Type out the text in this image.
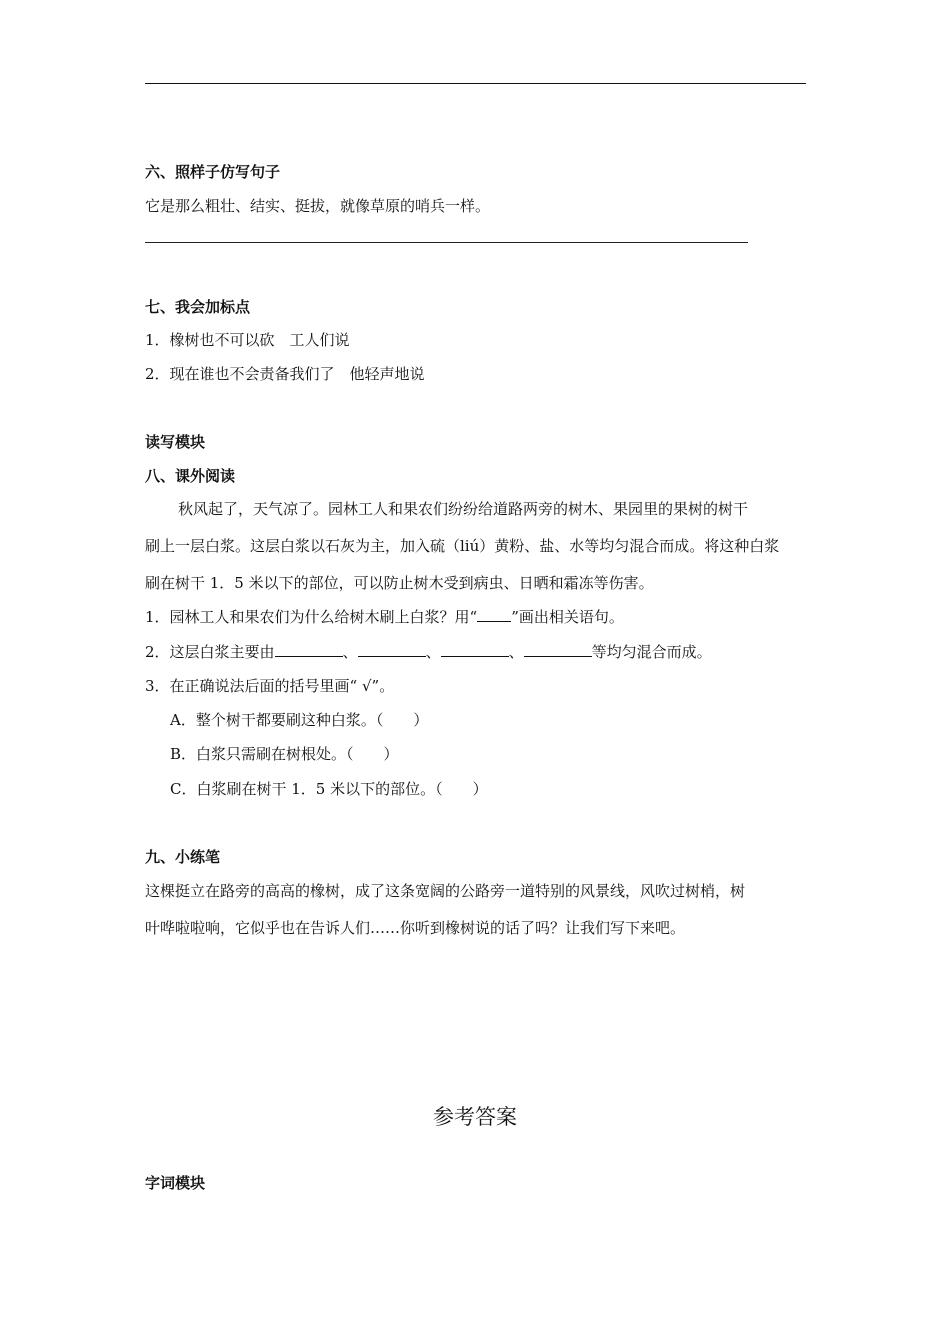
六、照样子仿写句子
它是那么粗壮、结实、挺拔，就像草原的哨兵一样。
七、我会加标点
1．橡树也不可以砍　工人们说
2．现在谁也不会责备我们了　他轻声地说
读写模块
八、课外阅读
秋风起了，天气凉了。园林工人和果农们纷纷给道路两旁的树木、果园里的果树的树干
刷上一层白浆。这层白浆以石灰为主，加入硫（liú）黄粉、盐、水等均匀混合而成。将这种白浆
刷在树干 1．5 米以下的部位，可以防止树木受到病虫、日晒和霜冻等伤害。
1．园林工人和果农们为什么给树木刷上白浆？用“ ”画出相关语句。
2．这层白浆主要由	、	、	、	等均匀混合而成。
3．在正确说法后面的括号里画“ √”。
A．整个树干都要刷这种白浆。（　　）
B．白浆只需刷在树根处。（　　）
C．白浆刷在树干 1．5 米以下的部位。（　　）
九、小练笔
这棵挺立在路旁的高高的橡树，成了这条宽阔的公路旁一道特别的风景线，风吹过树梢，树
叶哗啦啦响，它似乎也在告诉人们……你听到橡树说的话了吗？让我们写下来吧。
参考答案
字词模块
